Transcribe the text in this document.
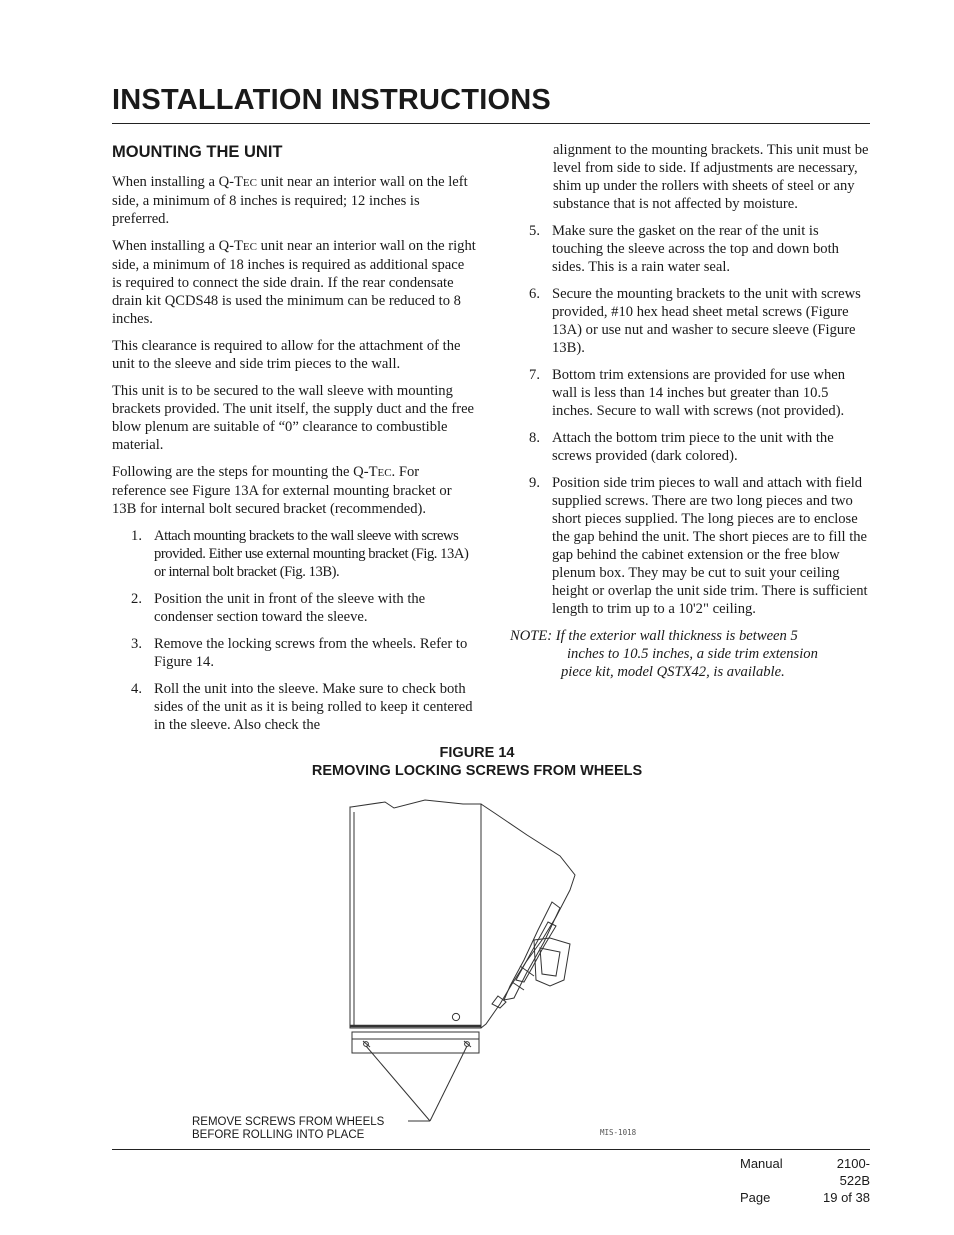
INSTALLATION INSTRUCTIONS
MOUNTING THE UNIT

When installing a Q-TEC unit near an interior wall on the left side, a minimum of 8 inches is required; 12 inches is preferred.

When installing a Q-TEC unit near an interior wall on the right side, a minimum of 18 inches is required as additional space is required to connect the side drain. If the rear condensate drain kit QCDS48 is used the minimum can be reduced to 8 inches.

This clearance is required to allow for the attachment of the unit to the sleeve and side trim pieces to the wall.

This unit is to be secured to the wall sleeve with mounting brackets provided. The unit itself, the supply duct and the free blow plenum are suitable of “0” clearance to combustible material.

Following are the steps for mounting the Q-TEC. For reference see Figure 13A for external mounting bracket or 13B for internal bolt secured bracket (recommended).

1. Attach mounting brackets to the wall sleeve with screws provided. Either use external mounting bracket (Fig. 13A) or internal bolt bracket (Fig. 13B).
2. Position the unit in front of the sleeve with the condenser section toward the sleeve.
3. Remove the locking screws from the wheels. Refer to Figure 14.
4. Roll the unit into the sleeve. Make sure to check both sides of the unit as it is being rolled to keep it centered in the sleeve. Also check the
alignment to the mounting brackets. This unit must be level from side to side. If adjustments are necessary, shim up under the rollers with sheets of steel or any substance that is not affected by moisture.
5. Make sure the gasket on the rear of the unit is touching the sleeve across the top and down both sides. This is a rain water seal.
6. Secure the mounting brackets to the unit with screws provided, #10 hex head sheet metal screws (Figure 13A) or use nut and washer to secure sleeve (Figure 13B).
7. Bottom trim extensions are provided for use when wall is less than 14 inches but greater than 10.5 inches. Secure to wall with screws (not provided).
8. Attach the bottom trim piece to the unit with the screws provided (dark colored).
9. Position side trim pieces to wall and attach with field supplied screws. There are two long pieces and two short pieces supplied. The long pieces are to enclose the gap behind the unit. The short pieces are to fill the gap behind the cabinet extension or the free blow plenum box. They may be cut to suit your ceiling height or overlap the unit side trim. There is sufficient length to trim up to a 10'2" ceiling.
NOTE: If the exterior wall thickness is between 5
inches to 10.5 inches, a side trim extension
piece kit, model QSTX42, is available.
FIGURE 14
REMOVING LOCKING SCREWS FROM WHEELS
REMOVE SCREWS FROM WHEELS
BEFORE ROLLING INTO PLACE	MIS-1018
Manual	2100-522B
Page	19 of 38
